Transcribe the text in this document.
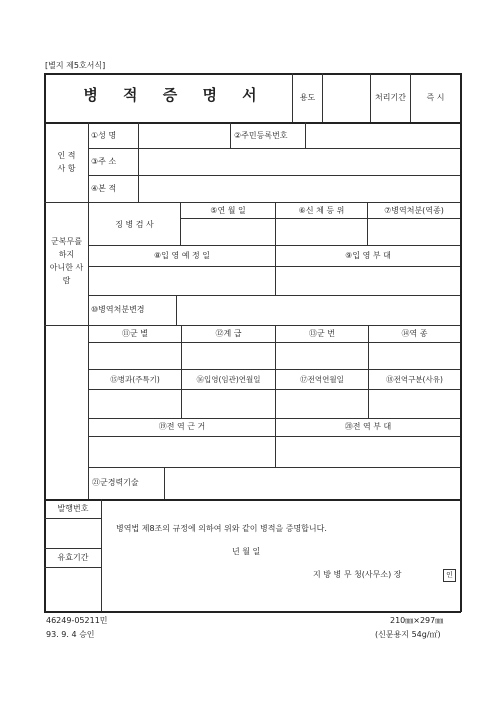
[별지 제5호서식]
병 적 증 명 서	용도	처리기간	즉 시
인 적
사 항
①성 명	②주민등록번호
③주 소
④본 적
군복무를
하지
아니한 사
람
징 병 검 사
⑤연 월 일	⑥신 체 등 위	⑦병역처분(역종)
⑧입 영 예 정 일	⑨입 영 부 대
⑩병역처분변경
⑪군 별	⑫계 급	⑬군 번	⑭역 종
⑮병과(주특기)	⑯입영(임관)연월일	⑰전역연월일	⑱전역구분(사유)
⑲전 역 근 거	⑳전 역 부 대
㉑군경력기술
발행번호
유효기간
병역법 제8조의 규정에 의하여 위와 같이 병적을 증명합니다.
년 월 일
지 방 병 무 청(사무소) 장	인
46249-05211민
93. 9. 4 승인
210㎜×297㎜
(신문용지 54g/㎡)
